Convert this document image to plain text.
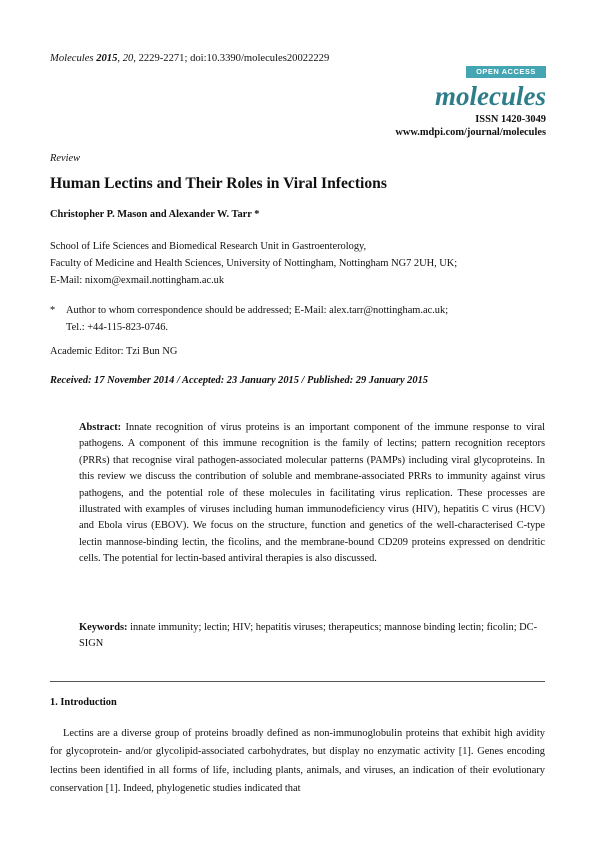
Molecules 2015, 20, 2229-2271; doi:10.3390/molecules20022229
OPEN ACCESS
molecules
ISSN 1420-3049
www.mdpi.com/journal/molecules
Review
Human Lectins and Their Roles in Viral Infections
Christopher P. Mason and Alexander W. Tarr *
School of Life Sciences and Biomedical Research Unit in Gastroenterology,
Faculty of Medicine and Health Sciences, University of Nottingham, Nottingham NG7 2UH, UK;
E-Mail: nixom@exmail.nottingham.ac.uk
* Author to whom correspondence should be addressed; E-Mail: alex.tarr@nottingham.ac.uk;
Tel.: +44-115-823-0746.
Academic Editor: Tzi Bun NG
Received: 17 November 2014 / Accepted: 23 January 2015 / Published: 29 January 2015
Abstract: Innate recognition of virus proteins is an important component of the immune response to viral pathogens. A component of this immune recognition is the family of lectins; pattern recognition receptors (PRRs) that recognise viral pathogen-associated molecular patterns (PAMPs) including viral glycoproteins. In this review we discuss the contribution of soluble and membrane-associated PRRs to immunity against virus pathogens, and the potential role of these molecules in facilitating virus replication. These processes are illustrated with examples of viruses including human immunodeficiency virus (HIV), hepatitis C virus (HCV) and Ebola virus (EBOV). We focus on the structure, function and genetics of the well-characterised C-type lectin mannose-binding lectin, the ficolins, and the membrane-bound CD209 proteins expressed on dendritic cells. The potential for lectin-based antiviral therapies is also discussed.
Keywords: innate immunity; lectin; HIV; hepatitis viruses; therapeutics; mannose binding lectin; ficolin; DC-SIGN
1. Introduction
Lectins are a diverse group of proteins broadly defined as non-immunoglobulin proteins that exhibit high avidity for glycoprotein- and/or glycolipid-associated carbohydrates, but display no enzymatic activity [1]. Genes encoding lectins been identified in all forms of life, including plants, animals, and viruses, an indication of their evolutionary conservation [1]. Indeed, phylogenetic studies indicated that
